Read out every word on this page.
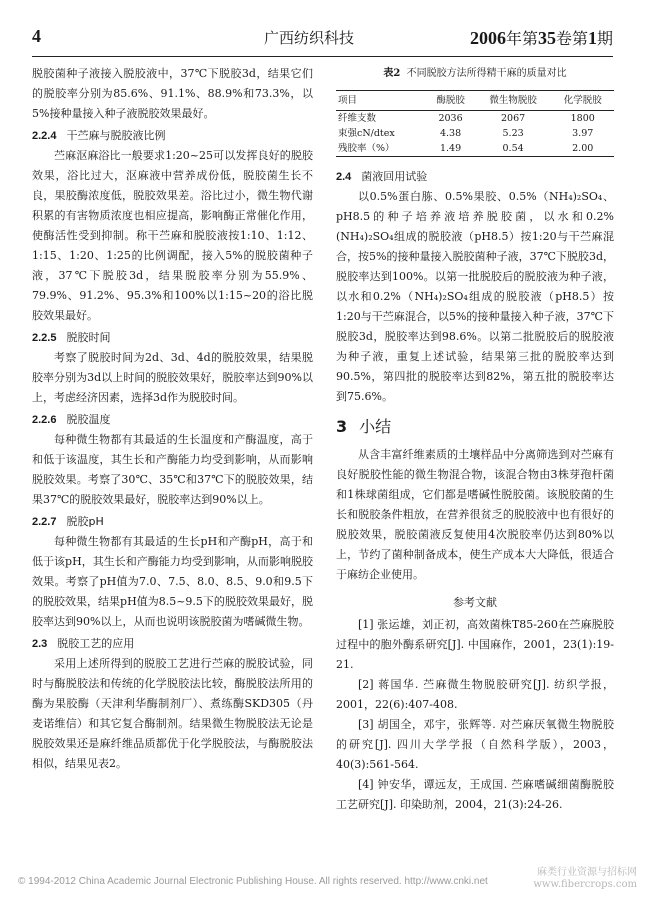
4	广西纺织科技	2006年第35卷第1期

脱胶菌种子液接入脱胶液中，37℃下脱胶3d，结果它们的脱胶率分别为85.6%、91.1%、88.9%和73.3%，以5%接种量接入种子液脱胶效果最好。

2.2.4 干苎麻与脱胶液比例

苎麻沤麻浴比一般要求1:20~25可以发挥良好的脱胶效果，浴比过大，沤麻液中营养成份低，脱胶菌生长不良，果胶酶浓度低，脱胶效果差。浴比过小，微生物代谢积累的有害物质浓度也相应提高，影响酶正常催化作用，使酶活性受到抑制。称干苎麻和脱胶液按1:10、1:12、1:15、1:20、1:25的比例调配，接入5%的脱胶菌种子液，37℃下脱胶3d，结果脱胶率分别为55.9%、79.9%、91.2%、95.3%和100%以1:15~20的浴比脱胶效果最好。

2.2.5 脱胶时间

考察了脱胶时间为2d、3d、4d的脱胶效果，结果脱胶率分别为3d以上时间的脱胶效果好，脱胶率达到90%以上，考虑经济因素，选择3d作为脱胶时间。

2.2.6 脱胶温度

每种微生物都有其最适的生长温度和产酶温度，高于和低于该温度，其生长和产酶能力均受到影响，从而影响脱胶效果。考察了30℃、35℃和37℃下的脱胶效果，结果37℃的脱胶效果最好，脱胶率达到90%以上。

2.2.7 脱胶pH

每种微生物都有其最适的生长pH和产酶pH，高于和低于该pH，其生长和产酶能力均受到影响，从而影响脱胶效果。考察了pH值为7.0、7.5、8.0、8.5、9.0和9.5下的脱胶效果，结果pH值为8.5~9.5下的脱胶效果最好，脱胶率达到90%以上，从而也说明该脱胶菌为嗜碱微生物。

2.3 脱胶工艺的应用

采用上述所得到的脱胶工艺进行苎麻的脱胶试验，同时与酶脱胶法和传统的化学脱胶法比较，酶脱胶法所用的酶为果胶酶（天津利华酶制剂厂）、煮练酶SKD305（丹麦诺维信）和其它复合酶制剂。结果微生物脱胶法无论是脱胶效果还是麻纤维品质都优于化学脱胶法，与酶脱胶法相似，结果见表2。

表2 不同脱胶方法所得精干麻的质量对比
项目	酶脱胶	微生物脱胶	化学脱胶
纤维支数	2036	2067	1800
束强cN/dtex	4.38	5.23	3.97
残胶率（%）	1.49	0.54	2.00
2.4 菌液回用试验

以0.5%蛋白胨、0.5%果胶、0.5%（NH₄)₂SO₄、pH8.5的种子培养液培养脱胶菌，以水和0.2%(NH₄)₂SO₄组成的脱胶液（pH8.5）按1:20与干苎麻混合，按5%的接种量接入脱胶菌种子液，37℃下脱胶3d，脱胶率达到100%。以第一批脱胶后的脱胶液为种子液，以水和0.2%（NH₄)₂SO₄组成的脱胶液（pH8.5）按1:20与干苎麻混合，以5%的接种量接入种子液，37℃下脱胶3d，脱胶率达到98.6%。以第二批脱胶后的脱胶液为种子液，重复上述试验，结果第三批的脱胶率达到90.5%，第四批的脱胶率达到82%，第五批的脱胶率达到75.6%。

3 小结

从含丰富纤维素质的土壤样品中分离筛选到对苎麻有良好脱胶性能的微生物混合物，该混合物由3株芽孢杆菌和1株球菌组成，它们都是嗜碱性脱胶菌。该脱胶菌的生长和脱胶条件粗放，在营养很贫乏的脱胶液中也有很好的脱胶效果，脱胶菌液反复使用4次脱胶率仍达到80%以上，节约了菌种制备成本，使生产成本大大降低，很适合于麻纺企业使用。

参考文献

[1] 张运雄，刘正初，高效菌株T85-260在苎麻脱胶过程中的胞外酶系研究[J]. 中国麻作，2001，23(1):19-21.

[2] 蒋国华. 苎麻微生物脱胶研究[J]. 纺织学报，2001，22(6):407-408.

[3] 胡国全，邓宇，张辉等. 对苎麻厌氧微生物脱胶的研究[J]. 四川大学学报（自然科学版），2003，40(3):561-564.

[4] 钟安华，谭远友，王成国. 苎麻嗜碱细菌酶脱胶工艺研究[J]. 印染助剂，2004，21(3):24-26.

© 1994-2012 China Academic Journal Electronic Publishing House. All rights reserved. http://www.cnki.net
麻类行业资源与招标网
www.fibercrops.com
